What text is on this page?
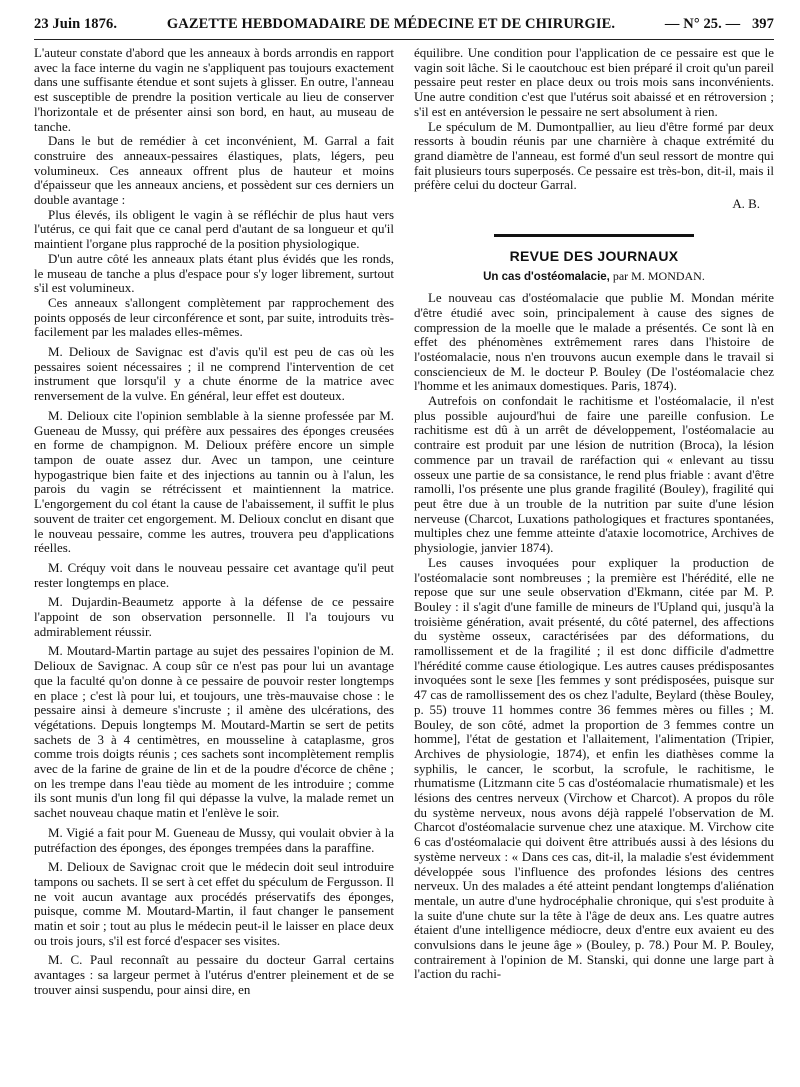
23 Juin 1876.	GAZETTE HEBDOMADAIRE DE MÉDECINE ET DE CHIRURGIE.	— N° 25. — 397

L'auteur constate d'abord que les anneaux à bords arrondis en rapport avec la face interne du vagin ne s'appliquent pas toujours exactement dans une suffisante étendue et sont sujets à glisser. En outre, l'anneau est susceptible de prendre la position verticale au lieu de conserver l'horizontale et de présenter ainsi son bord, en haut, au museau de tanche.

Dans le but de remédier à cet inconvénient, M. Garral a fait construire des anneaux-pessaires élastiques, plats, légers, peu volumineux. Ces anneaux offrent plus de hauteur et moins d'épaisseur que les anneaux anciens, et possèdent sur ces derniers un double avantage :

Plus élevés, ils obligent le vagin à se réfléchir de plus haut vers l'utérus, ce qui fait que ce canal perd d'autant de sa longueur et qu'il maintient l'organe plus rapproché de la position physiologique.

D'un autre côté les anneaux plats étant plus évidés que les ronds, le museau de tanche a plus d'espace pour s'y loger librement, surtout s'il est volumineux.

Ces anneaux s'allongent complètement par rapprochement des points opposés de leur circonférence et sont, par suite, introduits très-facilement par les malades elles-mêmes.

M. Delioux de Savignac est d'avis qu'il est peu de cas où les pessaires soient nécessaires ; il ne comprend l'intervention de cet instrument que lorsqu'il y a chute énorme de la matrice avec renversement de la vulve. En général, leur effet est douteux.

M. Delioux cite l'opinion semblable à la sienne professée par M. Gueneau de Mussy, qui préfère aux pessaires des éponges creusées en forme de champignon. M. Delioux préfère encore un simple tampon de ouate assez dur. Avec un tampon, une ceinture hypogastrique bien faite et des injections au tannin ou à l'alun, les parois du vagin se rétrécissent et maintiennent la matrice. L'engorgement du col étant la cause de l'abaissement, il suffit le plus souvent de traiter cet engorgement. M. Delioux conclut en disant que le nouveau pessaire, comme les autres, trouvera peu d'applications réelles.

M. Créquy voit dans le nouveau pessaire cet avantage qu'il peut rester longtemps en place.

M. Dujardin-Beaumetz apporte à la défense de ce pessaire l'appoint de son observation personnelle. Il l'a toujours vu admirablement réussir.

M. Moutard-Martin partage au sujet des pessaires l'opinion de M. Delioux de Savignac. A coup sûr ce n'est pas pour lui un avantage que la faculté qu'on donne à ce pessaire de pouvoir rester longtemps en place ; c'est là pour lui, et toujours, une très-mauvaise chose : le pessaire ainsi à demeure s'incruste ; il amène des ulcérations, des végétations. Depuis longtemps M. Moutard-Martin se sert de petits sachets de 3 à 4 centimètres, en mousseline à cataplasme, gros comme trois doigts réunis ; ces sachets sont incomplètement remplis avec de la farine de graine de lin et de la poudre d'écorce de chêne ; on les trempe dans l'eau tiède au moment de les introduire ; comme ils sont munis d'un long fil qui dépasse la vulve, la malade remet un sachet nouveau chaque matin et l'enlève le soir.

M. Vigié a fait pour M. Gueneau de Mussy, qui voulait obvier à la putréfaction des éponges, des éponges trempées dans la paraffine.

M. Delioux de Savignac croit que le médecin doit seul introduire tampons ou sachets. Il se sert à cet effet du spéculum de Fergusson. Il ne voit aucun avantage aux procédés préservatifs des éponges, puisque, comme M. Moutard-Martin, il faut changer le pansement matin et soir ; tout au plus le médecin peut-il le laisser en place deux ou trois jours, s'il est forcé d'espacer ses visites.

M. C. Paul reconnaît au pessaire du docteur Garral certains avantages : sa largeur permet à l'utérus d'entrer pleinement et de se trouver ainsi suspendu, pour ainsi dire, en

équilibre. Une condition pour l'application de ce pessaire est que le vagin soit lâche. Si le caoutchouc est bien préparé il croit qu'un pareil pessaire peut rester en place deux ou trois mois sans inconvénients. Une autre condition c'est que l'utérus soit abaissé et en rétroversion ; s'il est en antéversion le pessaire ne sert absolument à rien.

Le spéculum de M. Dumontpallier, au lieu d'être formé par deux ressorts à boudin réunis par une charnière à chaque extrémité du grand diamètre de l'anneau, est formé d'un seul ressort de montre qui fait plusieurs tours superposés. Ce pessaire est très-bon, dit-il, mais il préfère celui du docteur Garral.

A. B.
REVUE DES JOURNAUX
Un cas d'ostéomalacie, par M. MONDAN.

Le nouveau cas d'ostéomalacie que publie M. Mondan mérite d'être étudié avec soin, principalement à cause des signes de compression de la moelle que le malade a présentés. Ce sont là en effet des phénomènes extrêmement rares dans l'histoire de l'ostéomalacie, nous n'en trouvons aucun exemple dans le travail si consciencieux de M. le docteur P. Bouley (De l'ostéomalacie chez l'homme et les animaux domestiques. Paris, 1874).

Autrefois on confondait le rachitisme et l'ostéomalacie, il n'est plus possible aujourd'hui de faire une pareille confusion. Le rachitisme est dû à un arrêt de développement, l'ostéomalacie au contraire est produit par une lésion de nutrition (Broca), la lésion commence par un travail de raréfaction qui « enlevant au tissu osseux une partie de sa consistance, le rend plus friable : avant d'être ramolli, l'os présente une plus grande fragilité (Bouley), fragilité qui peut être due à un trouble de la nutrition par suite d'une lésion nerveuse (Charcot, Luxations pathologiques et fractures spontanées, multiples chez une femme atteinte d'ataxie locomotrice, Archives de physiologie, janvier 1874).

Les causes invoquées pour expliquer la production de l'ostéomalacie sont nombreuses ; la première est l'hérédité, elle ne repose que sur une seule observation d'Ekmann, citée par M. P. Bouley : il s'agit d'une famille de mineurs de l'Upland qui, jusqu'à la troisième génération, avait présenté, du côté paternel, des affections du système osseux, caractérisées par des déformations, du ramollissement et de la fragilité ; il est donc difficile d'admettre l'hérédité comme cause étiologique. Les autres causes prédisposantes invoquées sont le sexe [les femmes y sont prédisposées, puisque sur 47 cas de ramollissement des os chez l'adulte, Beylard (thèse Bouley, p. 55) trouve 11 hommes contre 36 femmes mères ou filles ; M. Bouley, de son côté, admet la proportion de 3 femmes contre un homme], l'état de gestation et l'allaitement, l'alimentation (Tripier, Archives de physiologie, 1874), et enfin les diathèses comme la syphilis, le cancer, le scorbut, la scrofule, le rachitisme, le rhumatisme (Litzmann cite 5 cas d'ostéomalacie rhumatismale) et les lésions des centres nerveux (Virchow et Charcot). A propos du rôle du système nerveux, nous avons déjà rappelé l'observation de M. Charcot d'ostéomalacie survenue chez une ataxique. M. Virchow cite 6 cas d'ostéomalacie qui doivent être attribués aussi à des lésions du système nerveux : « Dans ces cas, dit-il, la maladie s'est évidemment développée sous l'influence des profondes lésions des centres nerveux. Un des malades a été atteint pendant longtemps d'aliénation mentale, un autre d'une hydrocéphalie chronique, qui s'est produite à la suite d'une chute sur la tête à l'âge de deux ans. Les quatre autres étaient d'une intelligence médiocre, deux d'entre eux avaient eu des convulsions dans le jeune âge » (Bouley, p. 78.) Pour M. P. Bouley, contrairement à l'opinion de M. Stanski, qui donne une large part à l'action du rachi-
